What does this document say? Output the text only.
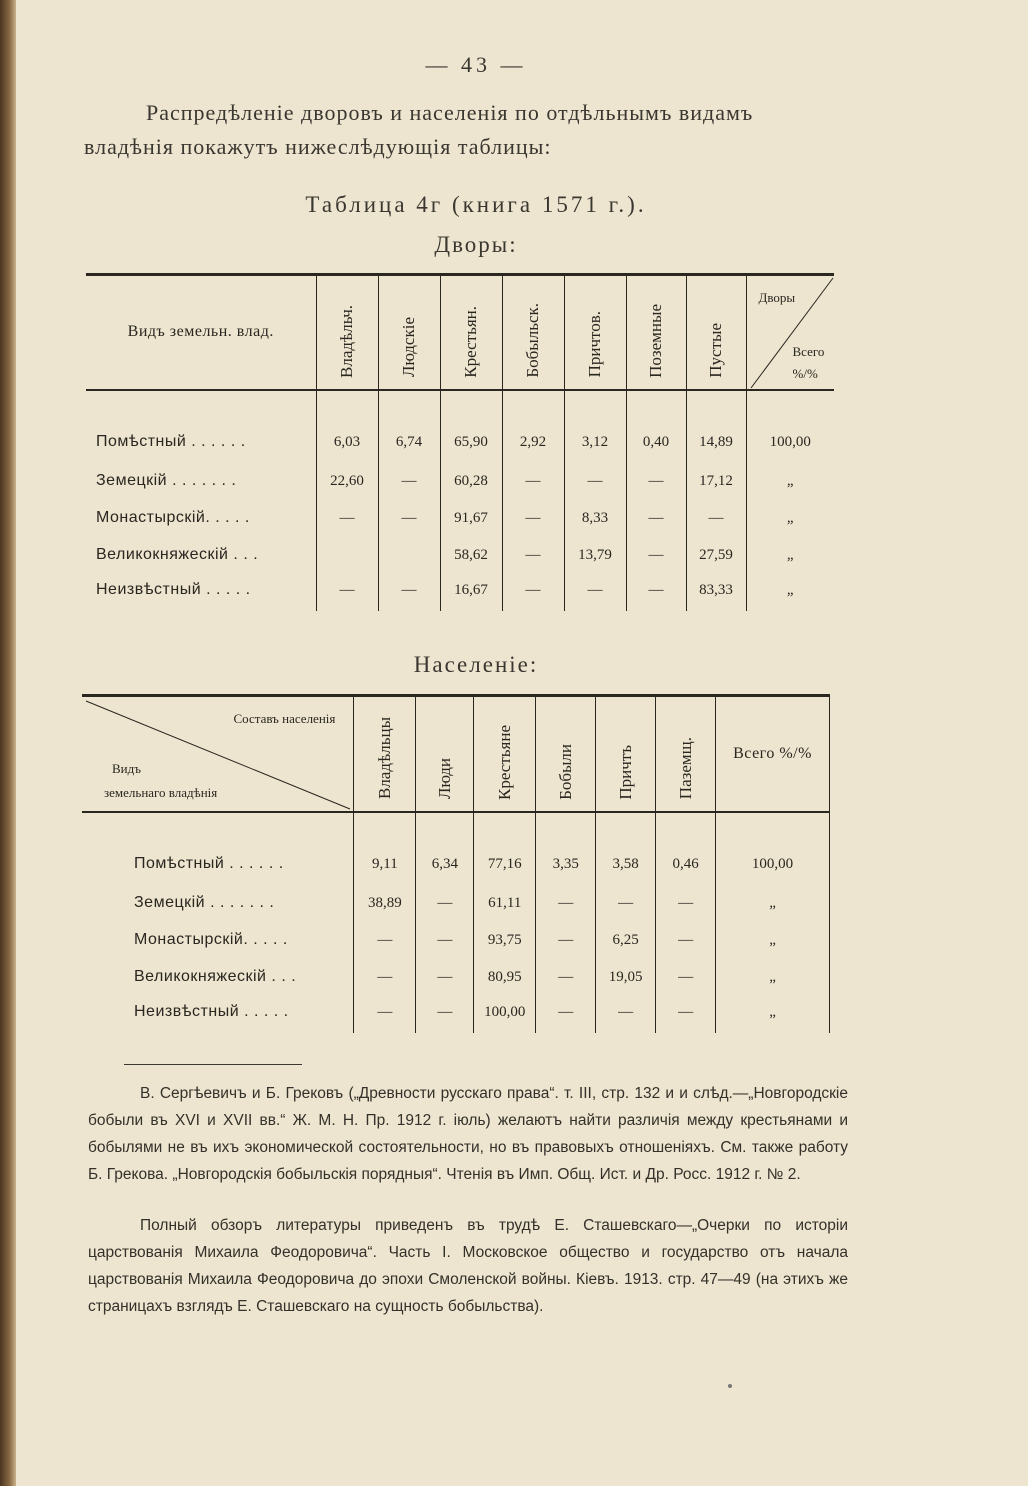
— 43 —
Распредѣленіе дворовъ и населенія по отдѣльнымъ видамъ
владѣнія покажутъ нижеслѣдующія таблицы:
Таблица 4г (книга 1571 г.).
Дворы:
Видъ земельн. влад.	Владѣльч.	Людскіе	Крестьян.	Бобыльск.	Причтов.	Поземные	Пустые	Дворы
Всего
%/%

Помѣстный . . . . . .	6,03	6,74	65,90	2,92	3,12	0,40	14,89	100,00
Земецкій . . . . . . .	22,60	—	60,28	—	—	—	17,12	„
Монастырскій. . . . .	—	—	91,67	—	8,33	—	—	„
Великокняжескій . . .			58,62	—	13,79	—	27,59	„
Неизвѣстный . . . . .	—	—	16,67	—	—	—	83,33	„
Населеніе:
Составъ населенія
Видъ
земельнаго владѣнія	Владѣльцы	Люди	Крестьяне	Бобыли	Причтъ	Паземщ.	Всего %/%
Помѣстный . . . . . .	9,11	6,34	77,16	3,35	3,58	0,46	100,00
Земецкій . . . . . . .	38,89	—	61,11	—	—	—	„
Монастырскій. . . . .	—	—	93,75	—	6,25	—	„
Великокняжескій . . .	—	—	80,95	—	19,05	—	„
Неизвѣстный . . . . .	—	—	100,00	—	—	—	„
В. Сергѣевичъ и Б. Грековъ („Древности русскаго права“. т. III, стр. 132 и и слѣд.—„Новгородскіе бобыли въ XVI и XVII вв.“ Ж. М. Н. Пр. 1912 г. іюль) желаютъ найти различія между крестьянами и бобылями не въ ихъ экономической состоятельности, но въ правовыхъ отношеніяхъ. См. также работу Б. Грекова. „Новгородскія бобыльскія порядныя“. Чтенія въ Имп. Общ. Ист. и Др. Росс. 1912 г. № 2.
Полный обзоръ литературы приведенъ въ трудѣ Е. Сташевскаго—„Очерки по исторіи царствованія Михаила Феодоровича“. Часть I. Московское общество и государство отъ начала царствованія Михаила Феодоровича до эпохи Смоленской войны. Кіевъ. 1913. стр. 47—49 (на этихъ же страницахъ взглядъ Е. Сташевскаго на сущность бобыльства).
